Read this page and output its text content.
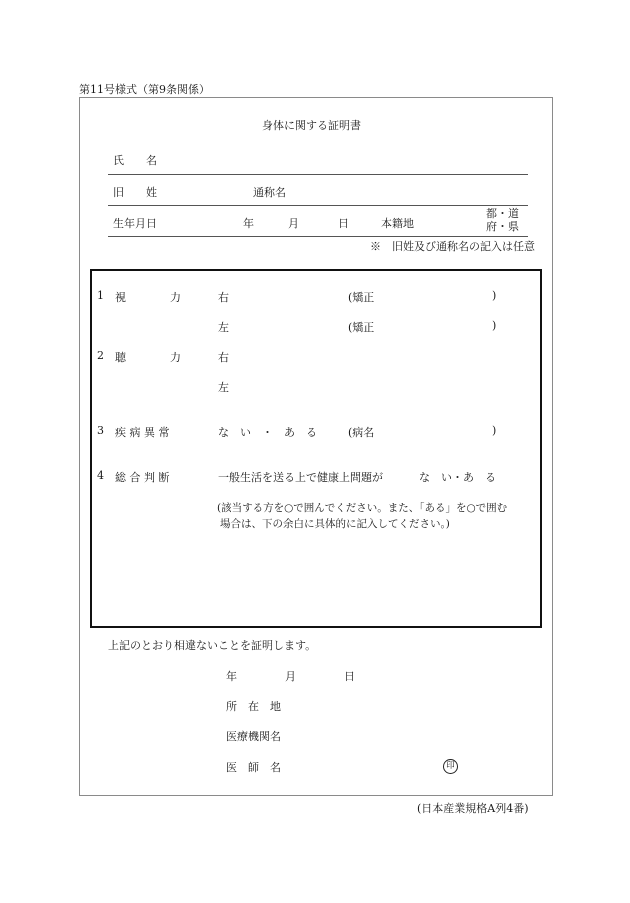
第11号様式（第9条関係）
身体に関する証明書
氏　　名
旧　　姓	通称名
生年月日	年	月	日	本籍地
都・道
府・県
※　旧姓及び通称名の記入は任意
1 視　　　　力	右	(矯正	)
左	(矯正	)
2 聴　　　　力	右
左
3 疾 病 異 常	な　い　・　あ　る	(病名	)
4 総 合 判 断	一般生活を送る上で健康上問題が	な　い・あ　る
(該当する方を○で囲んでください。また、「ある」を○で囲む
場合は、下の余白に具体的に記入してください。)
上記のとおり相違ないことを証明します。
年	月	日
所　在　地
医療機関名
医　師　名	印
(日本産業規格A列4番)
